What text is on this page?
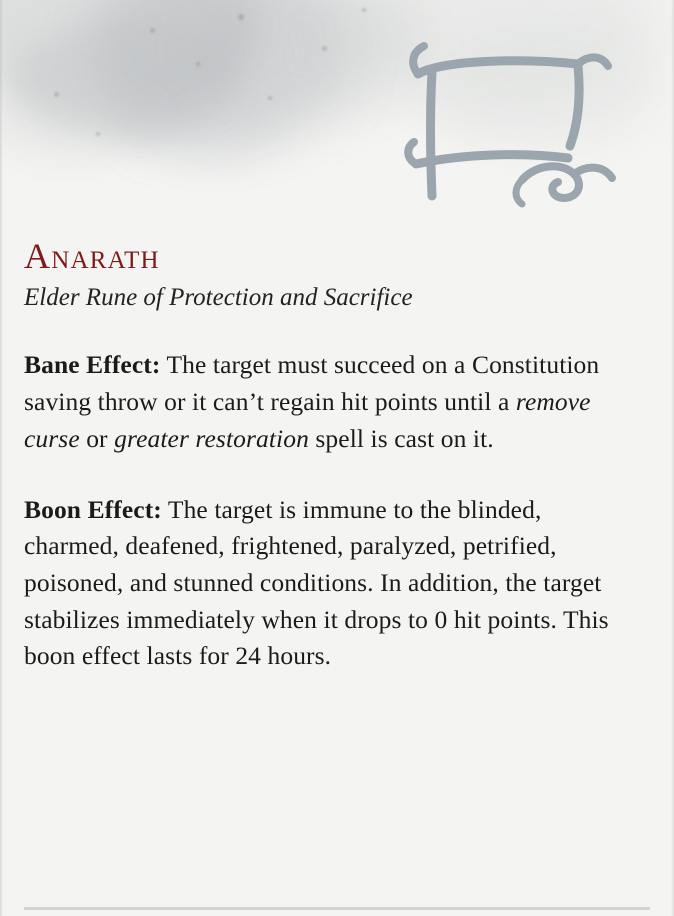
Anarath
Elder Rune of Protection and Sacrifice

Bane Effect: The target must succeed on a Constitution saving throw or it can’t regain hit points until a remove curse or greater restoration spell is cast on it.

Boon Effect: The target is immune to the blinded, charmed, deafened, frightened, paralyzed, petrified, poisoned, and stunned conditions. In addition, the target stabilizes immediately when it drops to 0 hit points. This boon effect lasts for 24 hours.
